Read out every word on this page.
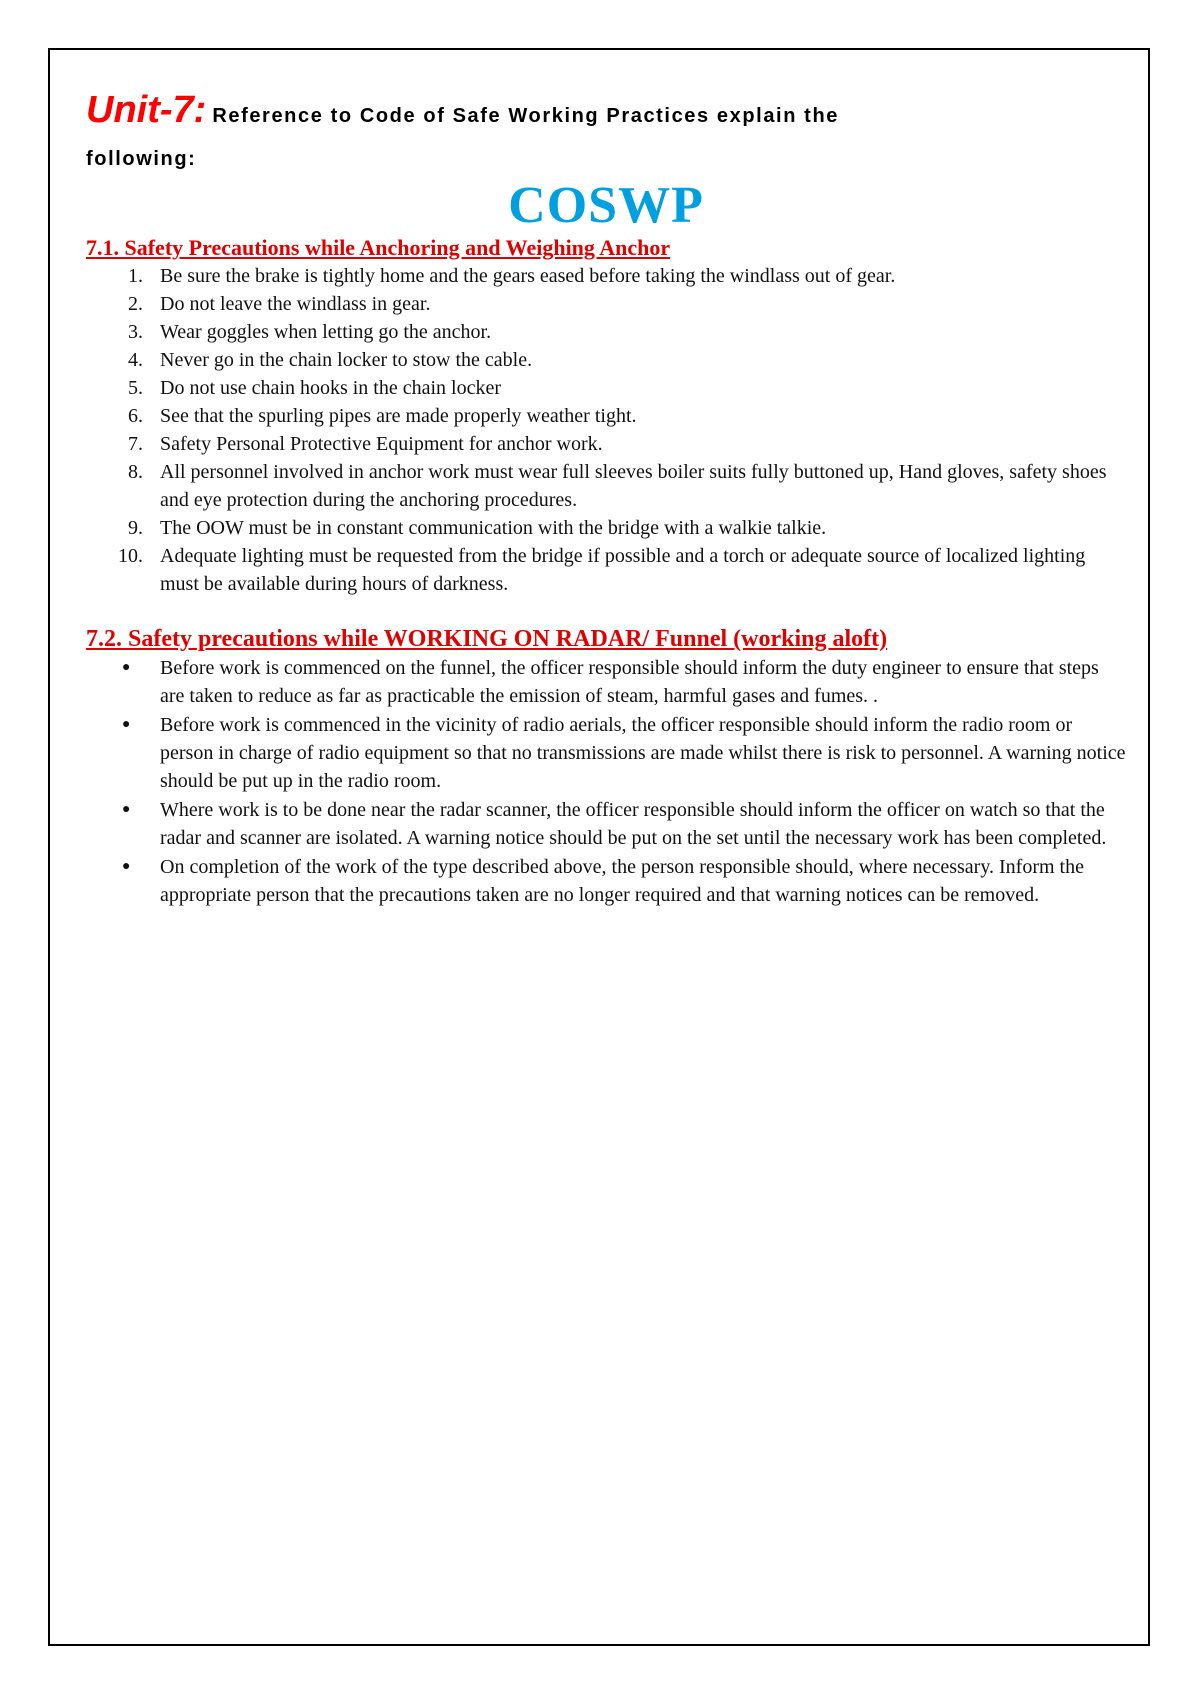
Unit-7: Reference to Code of Safe Working Practices explain the

following:

COSWP
7.1. Safety Precautions while Anchoring and Weighing Anchor
1. Be sure the brake is tightly home and the gears eased before taking the windlass out of gear.
2. Do not leave the windlass in gear.
3. Wear goggles when letting go the anchor.
4. Never go in the chain locker to stow the cable.
5. Do not use chain hooks in the chain locker
6. See that the spurling pipes are made properly weather tight.
7. Safety Personal Protective Equipment for anchor work.
8. All personnel involved in anchor work must wear full sleeves boiler suits fully buttoned up, Hand gloves, safety shoes and eye protection during the anchoring procedures.
9. The OOW must be in constant communication with the bridge with a walkie talkie.
10. Adequate lighting must be requested from the bridge if possible and a torch or adequate source of localized lighting must be available during hours of darkness.
7.2. Safety precautions while WORKING ON RADAR/ Funnel (working aloft)
● Before work is commenced on the funnel, the officer responsible should inform the duty engineer to ensure that steps are taken to reduce as far as practicable the emission of steam, harmful gases and fumes. .
● Before work is commenced in the vicinity of radio aerials, the officer responsible should inform the radio room or person in charge of radio equipment so that no transmissions are made whilst there is risk to personnel. A warning notice should be put up in the radio room.
● Where work is to be done near the radar scanner, the officer responsible should inform the officer on watch so that the radar and scanner are isolated. A warning notice should be put on the set until the necessary work has been completed.
● On completion of the work of the type described above, the person responsible should, where necessary. Inform the appropriate person that the precautions taken are no longer required and that warning notices can be removed.
